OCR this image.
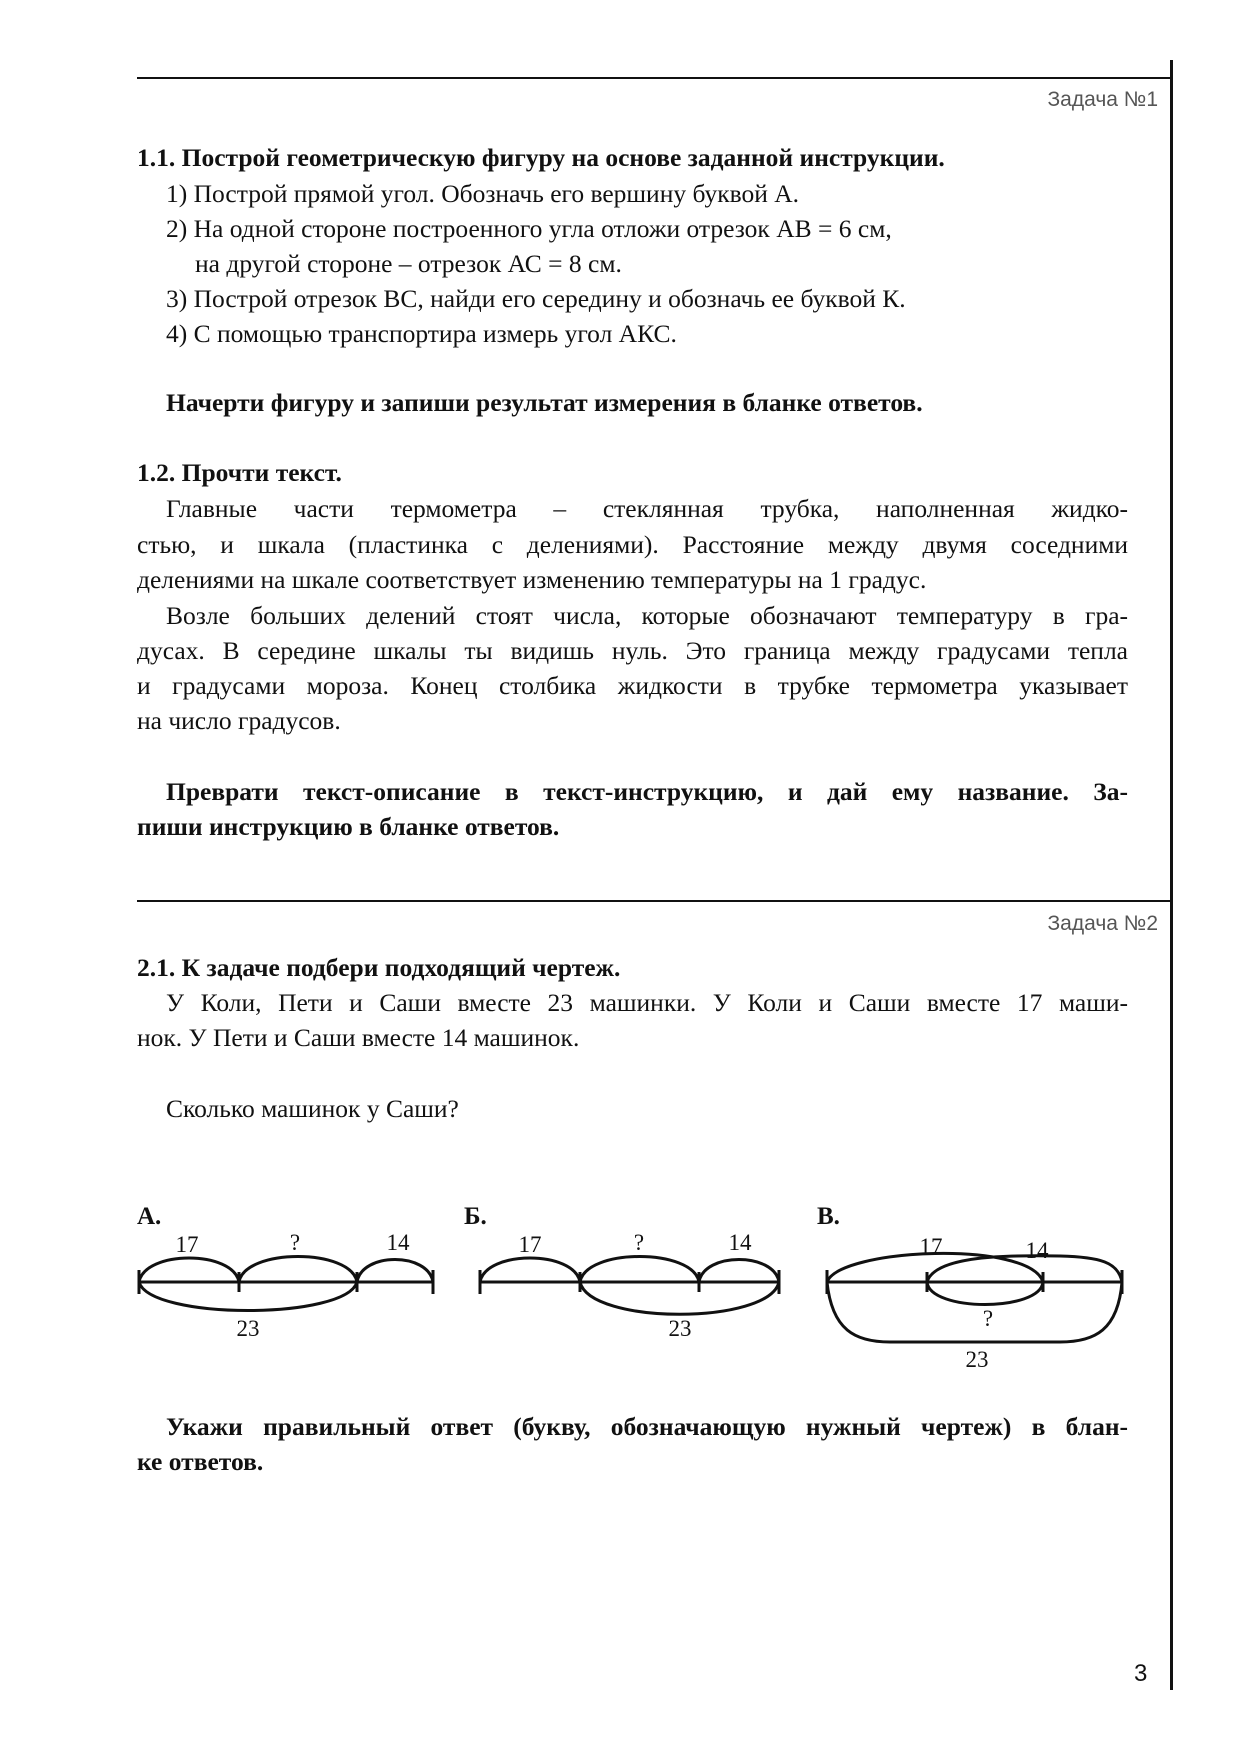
Задача №1
1.1. Построй геометрическую фигуру на основе заданной инструкции.
1) Построй прямой угол. Обозначь его вершину буквой А.
2) На одной стороне построенного угла отложи отрезок АВ = 6 см,
на другой стороне – отрезок АС = 8 см.
3) Построй отрезок ВС, найди его середину и обозначь ее буквой К.
4) С помощью транспортира измерь угол АКС.
Начерти фигуру и запиши результат измерения в бланке ответов.
1.2. Прочти текст.
Главные части термометра – стеклянная трубка, наполненная жидко-
стью, и шкала (пластинка с делениями). Расстояние между двумя соседними
делениями на шкале соответствует изменению температуры на 1 градус.
Возле больших делений стоят числа, которые обозначают температуру в гра-
дусах. В середине шкалы ты видишь нуль. Это граница между градусами тепла
и градусами мороза. Конец столбика жидкости в трубке термометра указывает
на число градусов.
Преврати текст-описание в текст-инструкцию, и дай ему название. За-
пиши инструкцию в бланке ответов.
Задача №2
2.1. К задаче подбери подходящий чертеж.
У Коли, Пети и Саши вместе 23 машинки. У Коли и Саши вместе 17 маши-
нок. У Пети и Саши вместе 14 машинок.
Сколько машинок у Саши?
А.
17	?	14
23
Б.
17	?	14
23
В.
17	14
?
23
Укажи правильный ответ (букву, обозначающую нужный чертеж) в блан-
ке ответов.
3
